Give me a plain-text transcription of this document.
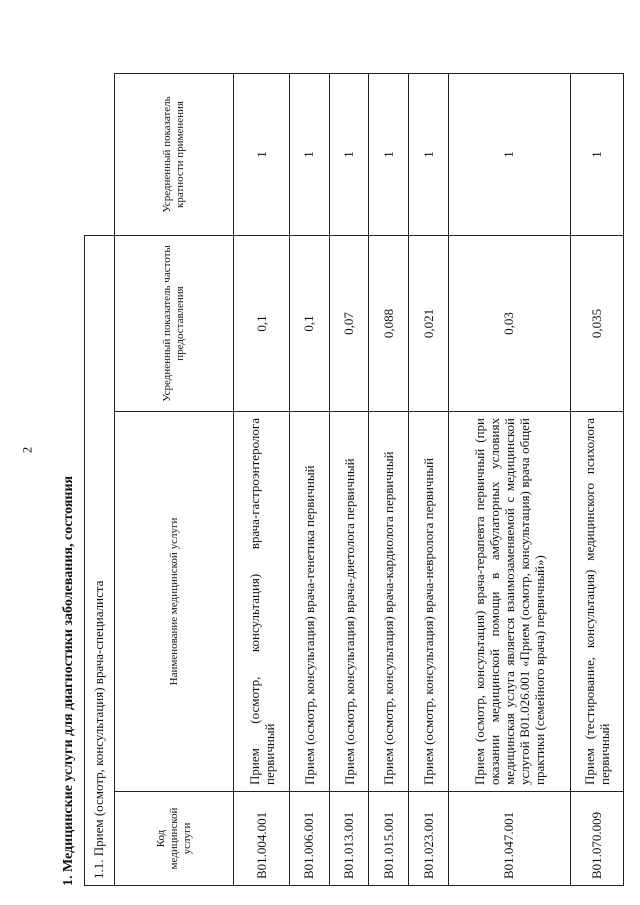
2
1. Медицинские услуги для диагностики заболевания, состояния	1.1. Прием (осмотр, консультация) врача-специалиста			
Код медицинской услуги	Наименование медицинской услуги	Усредненный показатель частоты предоставления	Усредненный показатель кратности применения
B01.004.001	Прием (осмотр, консультация) врача-гастроэнтеролога первичный	0,1	1
B01.006.001	Прием (осмотр, консультация) врача-генетика первичный	0,1	1
B01.013.001	Прием (осмотр, консультация) врача-диетолога первичный	0,07	1
B01.015.001	Прием (осмотр, консультация) врача-кардиолога первичный	0,088	1
B01.023.001	Прием (осмотр, консультация) врача-невролога первичный	0,021	1
B01.047.001	Прием (осмотр, консультация) врача-терапевта первичный (при оказании медицинской помощи в амбулаторных условиях медицинская услуга является взаимозаменяемой с медицинской услугой B01.026.001 «Прием (осмотр, консультация) врача общей практики (семейного врача) первичный»)	0,03	1
B01.070.009	Прием (тестирование, консультация) медицинского психолога первичный	0,035	1
